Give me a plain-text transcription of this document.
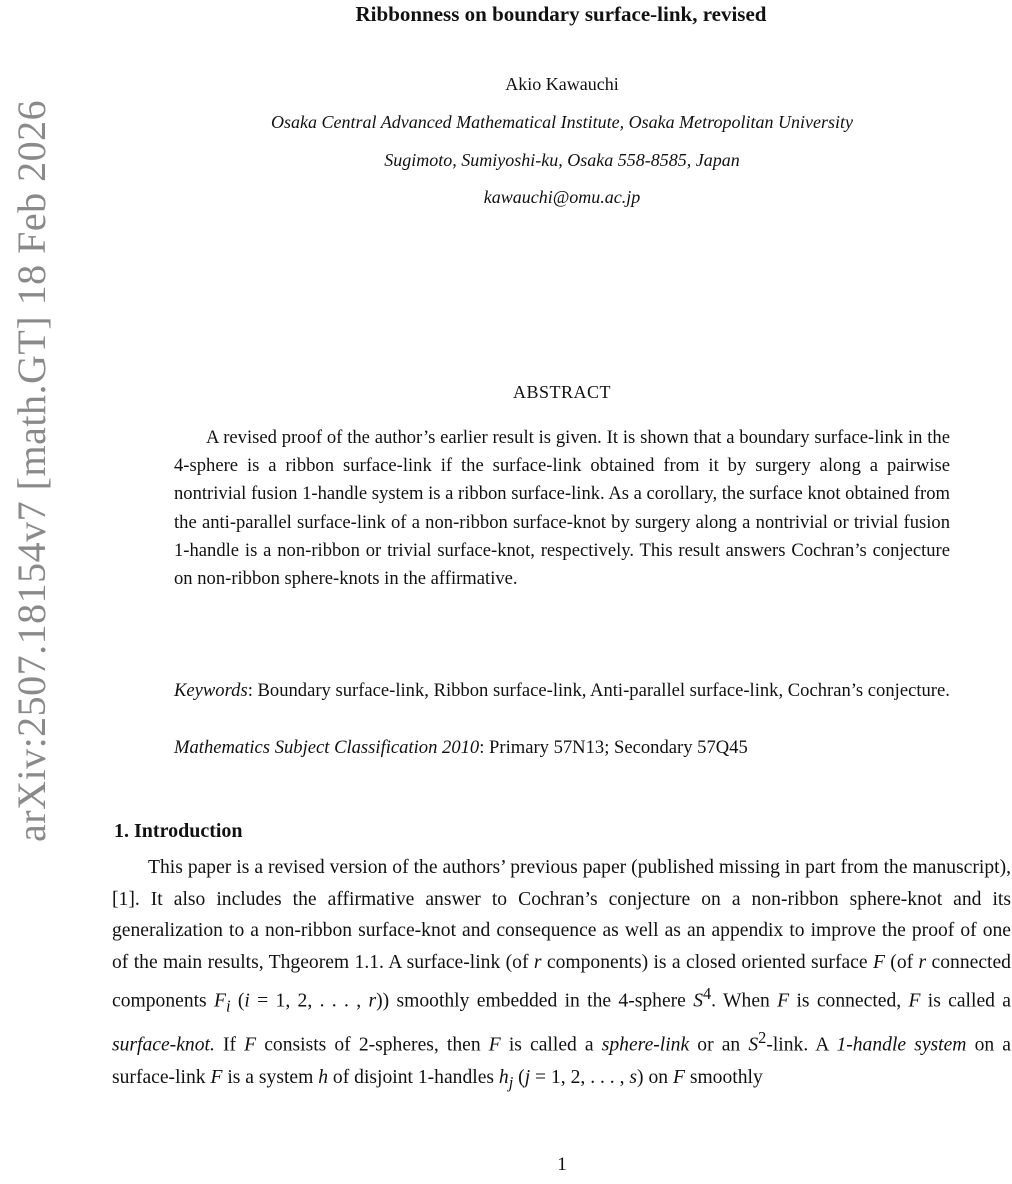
arXiv:2507.18154v7 [math.GT] 18 Feb 2026
Ribbonness on boundary surface-link, revised
Akio Kawauchi
Osaka Central Advanced Mathematical Institute, Osaka Metropolitan University
Sugimoto, Sumiyoshi-ku, Osaka 558-8585, Japan
kawauchi@omu.ac.jp
ABSTRACT
A revised proof of the author’s earlier result is given. It is shown that a boundary surface-link in the 4-sphere is a ribbon surface-link if the surface-link obtained from it by surgery along a pairwise nontrivial fusion 1-handle system is a ribbon surface-link. As a corollary, the surface knot obtained from the anti-parallel surface-link of a non-ribbon surface-knot by surgery along a nontrivial or trivial fusion 1-handle is a non-ribbon or trivial surface-knot, respectively. This result answers Cochran’s conjecture on non-ribbon sphere-knots in the affirmative.
Keywords: Boundary surface-link, Ribbon surface-link, Anti-parallel surface-link, Cochran’s conjecture.
Mathematics Subject Classification 2010: Primary 57N13; Secondary 57Q45
1. Introduction
This paper is a revised version of the authors’ previous paper (published missing in part from the manuscript), [1]. It also includes the affirmative answer to Cochran’s conjecture on a non-ribbon sphere-knot and its generalization to a non-ribbon surface-knot and consequence as well as an appendix to improve the proof of one of the main results, Thgeorem 1.1. A surface-link (of r components) is a closed oriented surface F (of r connected components $F_i$ (i = 1, 2, . . . , r)) smoothly embedded in the 4-sphere $S^4$. When F is connected, F is called a surface-knot. If F consists of 2-spheres, then F is called a sphere-link or an $S^2$-link. A 1-handle system on a surface-link F is a system h of disjoint 1-handles $h_j$ (j = 1, 2, . . . , s) on F smoothly
1
